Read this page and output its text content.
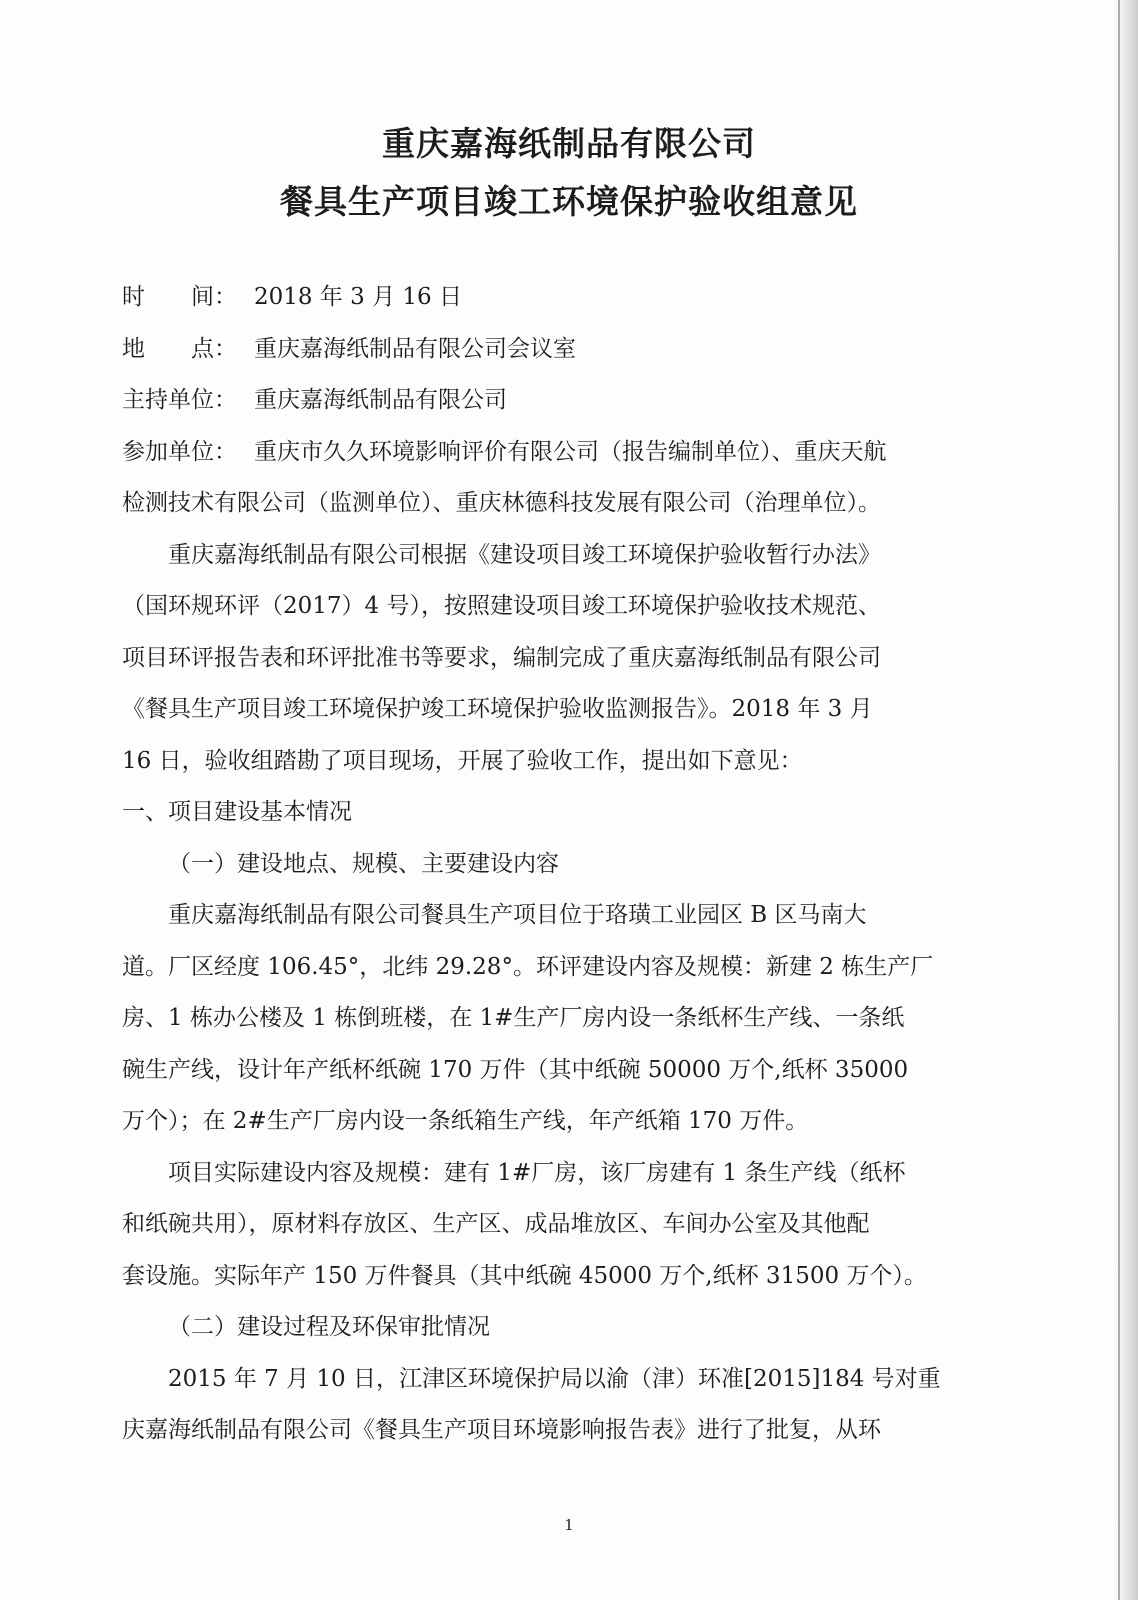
重庆嘉海纸制品有限公司
餐具生产项目竣工环境保护验收组意见
时　　间： 2018 年 3 月 16 日
地　　点： 重庆嘉海纸制品有限公司会议室
主持单位： 重庆嘉海纸制品有限公司
参加单位： 重庆市久久环境影响评价有限公司（报告编制单位）、重庆天航
检测技术有限公司（监测单位）、重庆林德科技发展有限公司（治理单位）。
重庆嘉海纸制品有限公司根据《建设项目竣工环境保护验收暂行办法》
（国环规环评（2017）4 号），按照建设项目竣工环境保护验收技术规范、
项目环评报告表和环评批准书等要求，编制完成了重庆嘉海纸制品有限公司
《餐具生产项目竣工环境保护竣工环境保护验收监测报告》。2018 年 3 月
16 日，验收组踏勘了项目现场，开展了验收工作，提出如下意见：
一、项目建设基本情况
（一）建设地点、规模、主要建设内容
重庆嘉海纸制品有限公司餐具生产项目位于珞璜工业园区 B 区马南大
道。厂区经度 106.45°，北纬 29.28°。环评建设内容及规模：新建 2 栋生产厂
房、1 栋办公楼及 1 栋倒班楼，在 1#生产厂房内设一条纸杯生产线、一条纸
碗生产线，设计年产纸杯纸碗 170 万件（其中纸碗 50000 万个,纸杯 35000
万个）；在 2#生产厂房内设一条纸箱生产线，年产纸箱 170 万件。
项目实际建设内容及规模：建有 1#厂房，该厂房建有 1 条生产线（纸杯
和纸碗共用），原材料存放区、生产区、成品堆放区、车间办公室及其他配
套设施。实际年产 150 万件餐具（其中纸碗 45000 万个,纸杯 31500 万个）。
（二）建设过程及环保审批情况
2015 年 7 月 10 日，江津区环境保护局以渝（津）环准[2015]184 号对重
庆嘉海纸制品有限公司《餐具生产项目环境影响报告表》进行了批复，从环
1
